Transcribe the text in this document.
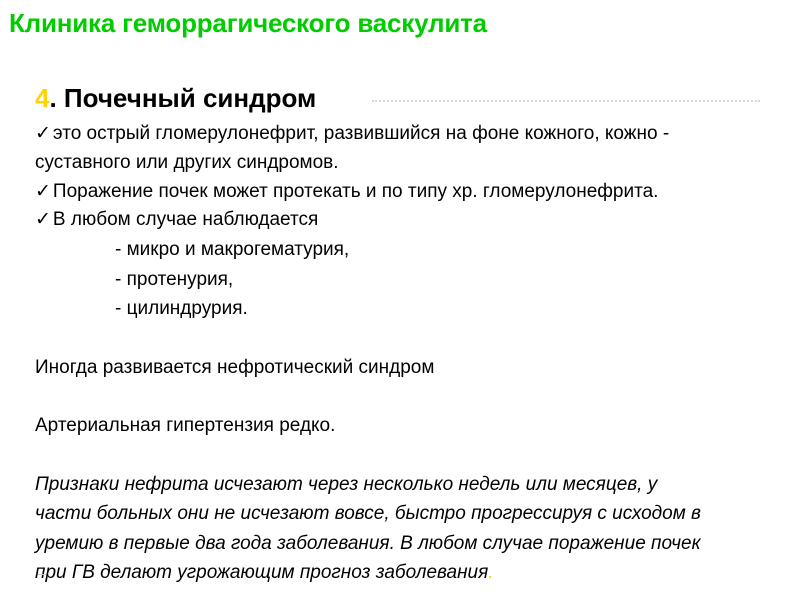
Клиника геморрагического васкулита
4. Почечный синдром
✓ это острый гломерулонефрит, развившийся на фоне кожного, кожно -
суставного или других синдромов.
✓ Поражение почек может протекать и по типу хр. гломерулонефрита.
✓ В любом случае наблюдается
- микро и макрогематурия,
- протенурия,
- цилиндрурия.
Иногда развивается нефротический синдром
Артериальная гипертензия редко.
Признаки нефрита исчезают через несколько недель или месяцев, у
части больных они не исчезают вовсе, быстро прогрессируя с исходом в
уремию в первые два года заболевания. В любом случае поражение почек
при ГВ делают угрожающим прогноз заболевания.
